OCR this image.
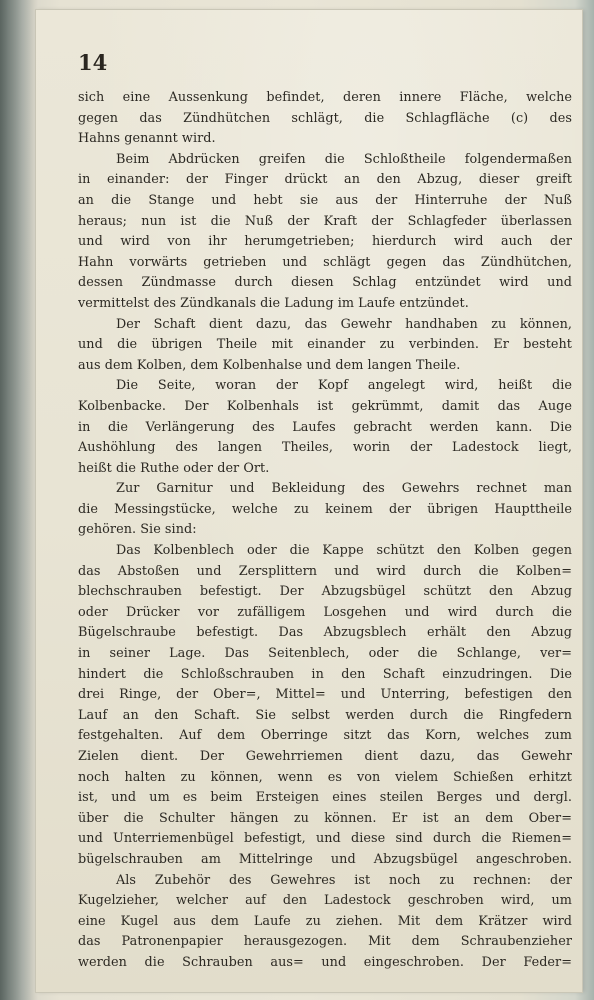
14
sich eine Aussenkung befindet, deren innere Fläche, welche
gegen das Zündhütchen schlägt, die Schlagfläche (c) des
Hahns genannt wird.
Beim Abdrücken greifen die Schloßtheile folgendermaßen
in einander: der Finger drückt an den Abzug, dieser greift
an die Stange und hebt sie aus der Hinterruhe der Nuß
heraus; nun ist die Nuß der Kraft der Schlagfeder überlassen
und wird von ihr herumgetrieben; hierdurch wird auch der
Hahn vorwärts getrieben und schlägt gegen das Zündhütchen,
dessen Zündmasse durch diesen Schlag entzündet wird und
vermittelst des Zündkanals die Ladung im Laufe entzündet.
Der Schaft dient dazu, das Gewehr handhaben zu können,
und die übrigen Theile mit einander zu verbinden. Er besteht
aus dem Kolben, dem Kolbenhalse und dem langen Theile.
Die Seite, woran der Kopf angelegt wird, heißt die
Kolbenbacke. Der Kolbenhals ist gekrümmt, damit das Auge
in die Verlängerung des Laufes gebracht werden kann. Die
Aushöhlung des langen Theiles, worin der Ladestock liegt,
heißt die Ruthe oder der Ort.
Zur Garnitur und Bekleidung des Gewehrs rechnet man
die Messingstücke, welche zu keinem der übrigen Haupttheile
gehören. Sie sind:
Das Kolbenblech oder die Kappe schützt den Kolben gegen
das Abstoßen und Zersplittern und wird durch die Kolben=
blechschrauben befestigt. Der Abzugsbügel schützt den Abzug
oder Drücker vor zufälligem Losgehen und wird durch die
Bügelschraube befestigt. Das Abzugsblech erhält den Abzug
in seiner Lage. Das Seitenblech, oder die Schlange, ver=
hindert die Schloßschrauben in den Schaft einzudringen. Die
drei Ringe, der Ober=, Mittel= und Unterring, befestigen den
Lauf an den Schaft. Sie selbst werden durch die Ringfedern
festgehalten. Auf dem Oberringe sitzt das Korn, welches zum
Zielen dient. Der Gewehrriemen dient dazu, das Gewehr
noch halten zu können, wenn es von vielem Schießen erhitzt
ist, und um es beim Ersteigen eines steilen Berges und dergl.
über die Schulter hängen zu können. Er ist an dem Ober=
und Unterriemenbügel befestigt, und diese sind durch die Riemen=
bügelschrauben am Mittelringe und Abzugsbügel angeschroben.
Als Zubehör des Gewehres ist noch zu rechnen: der
Kugelzieher, welcher auf den Ladestock geschroben wird, um
eine Kugel aus dem Laufe zu ziehen. Mit dem Krätzer wird
das Patronenpapier herausgezogen. Mit dem Schraubenzieher
werden die Schrauben aus= und eingeschroben. Der Feder=
